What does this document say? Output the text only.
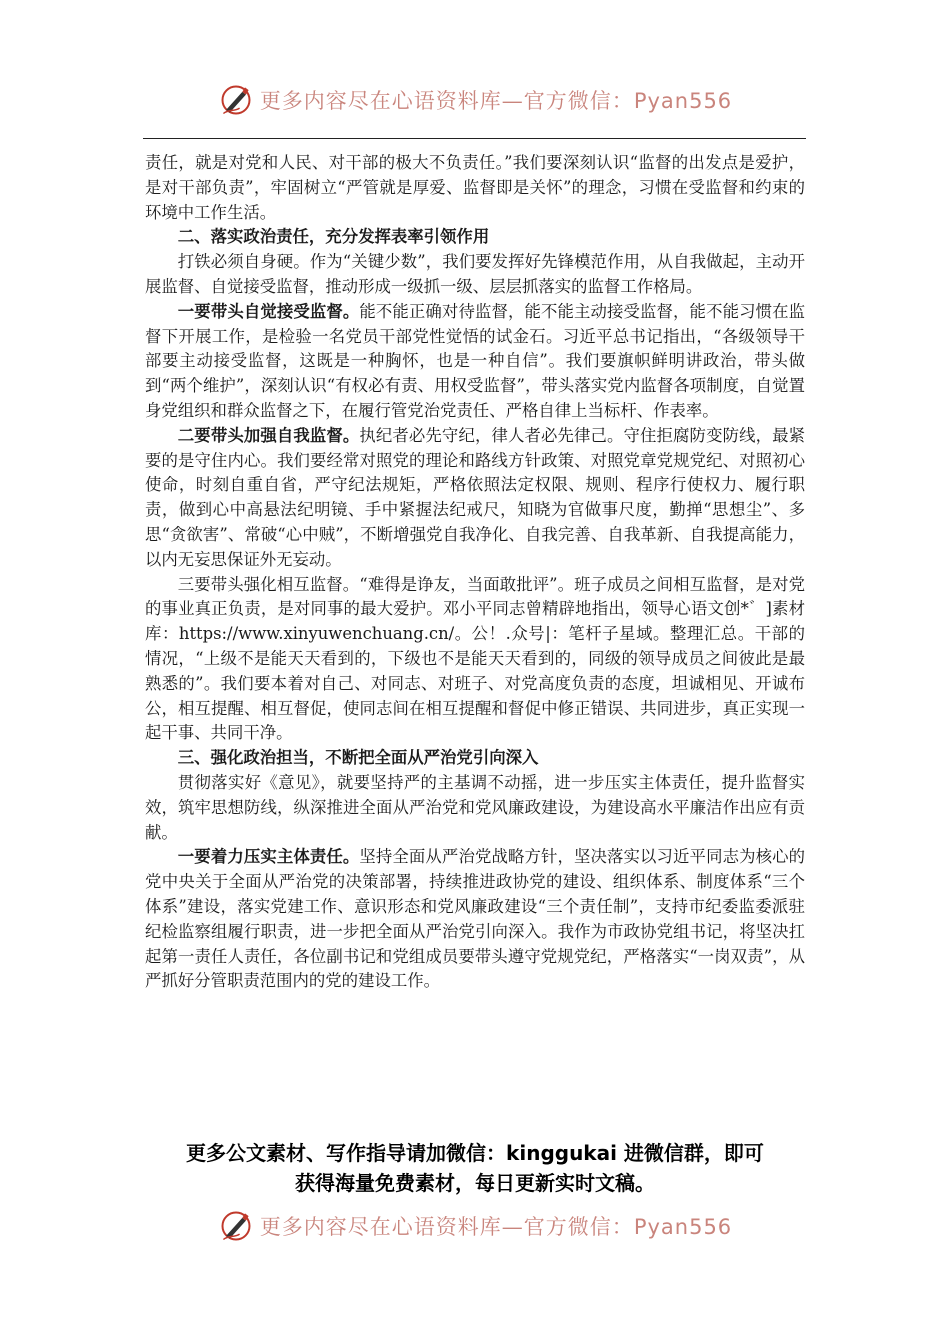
更多内容尽在心语资料库—官方微信：Pyan556

责任，就是对党和人民、对干部的极大不负责任。”我们要深刻认识“监督的出发点是爱护，是对干部负责”，牢固树立“严管就是厚爱、监督即是关怀”的理念，习惯在受监督和约束的环境中工作生活。

二、落实政治责任，充分发挥表率引领作用

打铁必须自身硬。作为“关键少数”，我们要发挥好先锋模范作用，从自我做起，主动开展监督、自觉接受监督，推动形成一级抓一级、层层抓落实的监督工作格局。

一要带头自觉接受监督。能不能正确对待监督，能不能主动接受监督，能不能习惯在监督下开展工作，是检验一名党员干部党性觉悟的试金石。习近平总书记指出，“各级领导干部要主动接受监督，这既是一种胸怀，也是一种自信”。我们要旗帜鲜明讲政治，带头做到“两个维护”，深刻认识“有权必有责、用权受监督”，带头落实党内监督各项制度，自觉置身党组织和群众监督之下，在履行管党治党责任、严格自律上当标杆、作表率。

二要带头加强自我监督。执纪者必先守纪，律人者必先律己。守住拒腐防变防线，最紧要的是守住内心。我们要经常对照党的理论和路线方针政策、对照党章党规党纪、对照初心使命，时刻自重自省，严守纪法规矩，严格依照法定权限、规则、程序行使权力、履行职责，做到心中高悬法纪明镜、手中紧握法纪戒尺，知晓为官做事尺度，勤掸“思想尘”、多思“贪欲害”、常破“心中贼”，不断增强党自我净化、自我完善、自我革新、自我提高能力，以内无妄思保证外无妄动。

三要带头强化相互监督。“难得是诤友，当面敢批评”。班子成员之间相互监督，是对党的事业真正负责，是对同事的最大爱护。邓小平同志曾精辟地指出，领导心语文创*゛]素材库：https://www.xinyuwenchuang.cn/。公！.众号|：笔杆子星域。整理汇总。干部的情况，“上级不是能天天看到的，下级也不是能天天看到的，同级的领导成员之间彼此是最熟悉的”。我们要本着对自己、对同志、对班子、对党高度负责的态度，坦诚相见、开诚布公，相互提醒、相互督促，使同志间在相互提醒和督促中修正错误、共同进步，真正实现一起干事、共同干净。

三、强化政治担当，不断把全面从严治党引向深入

贯彻落实好《意见》，就要坚持严的主基调不动摇，进一步压实主体责任，提升监督实效，筑牢思想防线，纵深推进全面从严治党和党风廉政建设，为建设高水平廉洁作出应有贡献。

一要着力压实主体责任。坚持全面从严治党战略方针，坚决落实以习近平同志为核心的党中央关于全面从严治党的决策部署，持续推进政协党的建设、组织体系、制度体系“三个体系”建设，落实党建工作、意识形态和党风廉政建设“三个责任制”，支持市纪委监委派驻纪检监察组履行职责，进一步把全面从严治党引向深入。我作为市政协党组书记，将坚决扛起第一责任人责任，各位副书记和党组成员要带头遵守党规党纪，严格落实“一岗双责”，从严抓好分管职责范围内的党的建设工作。

更多公文素材、写作指导请加微信：kinggukai 进微信群，即可
获得海量免费素材，每日更新实时文稿。
更多内容尽在心语资料库—官方微信：Pyan556
